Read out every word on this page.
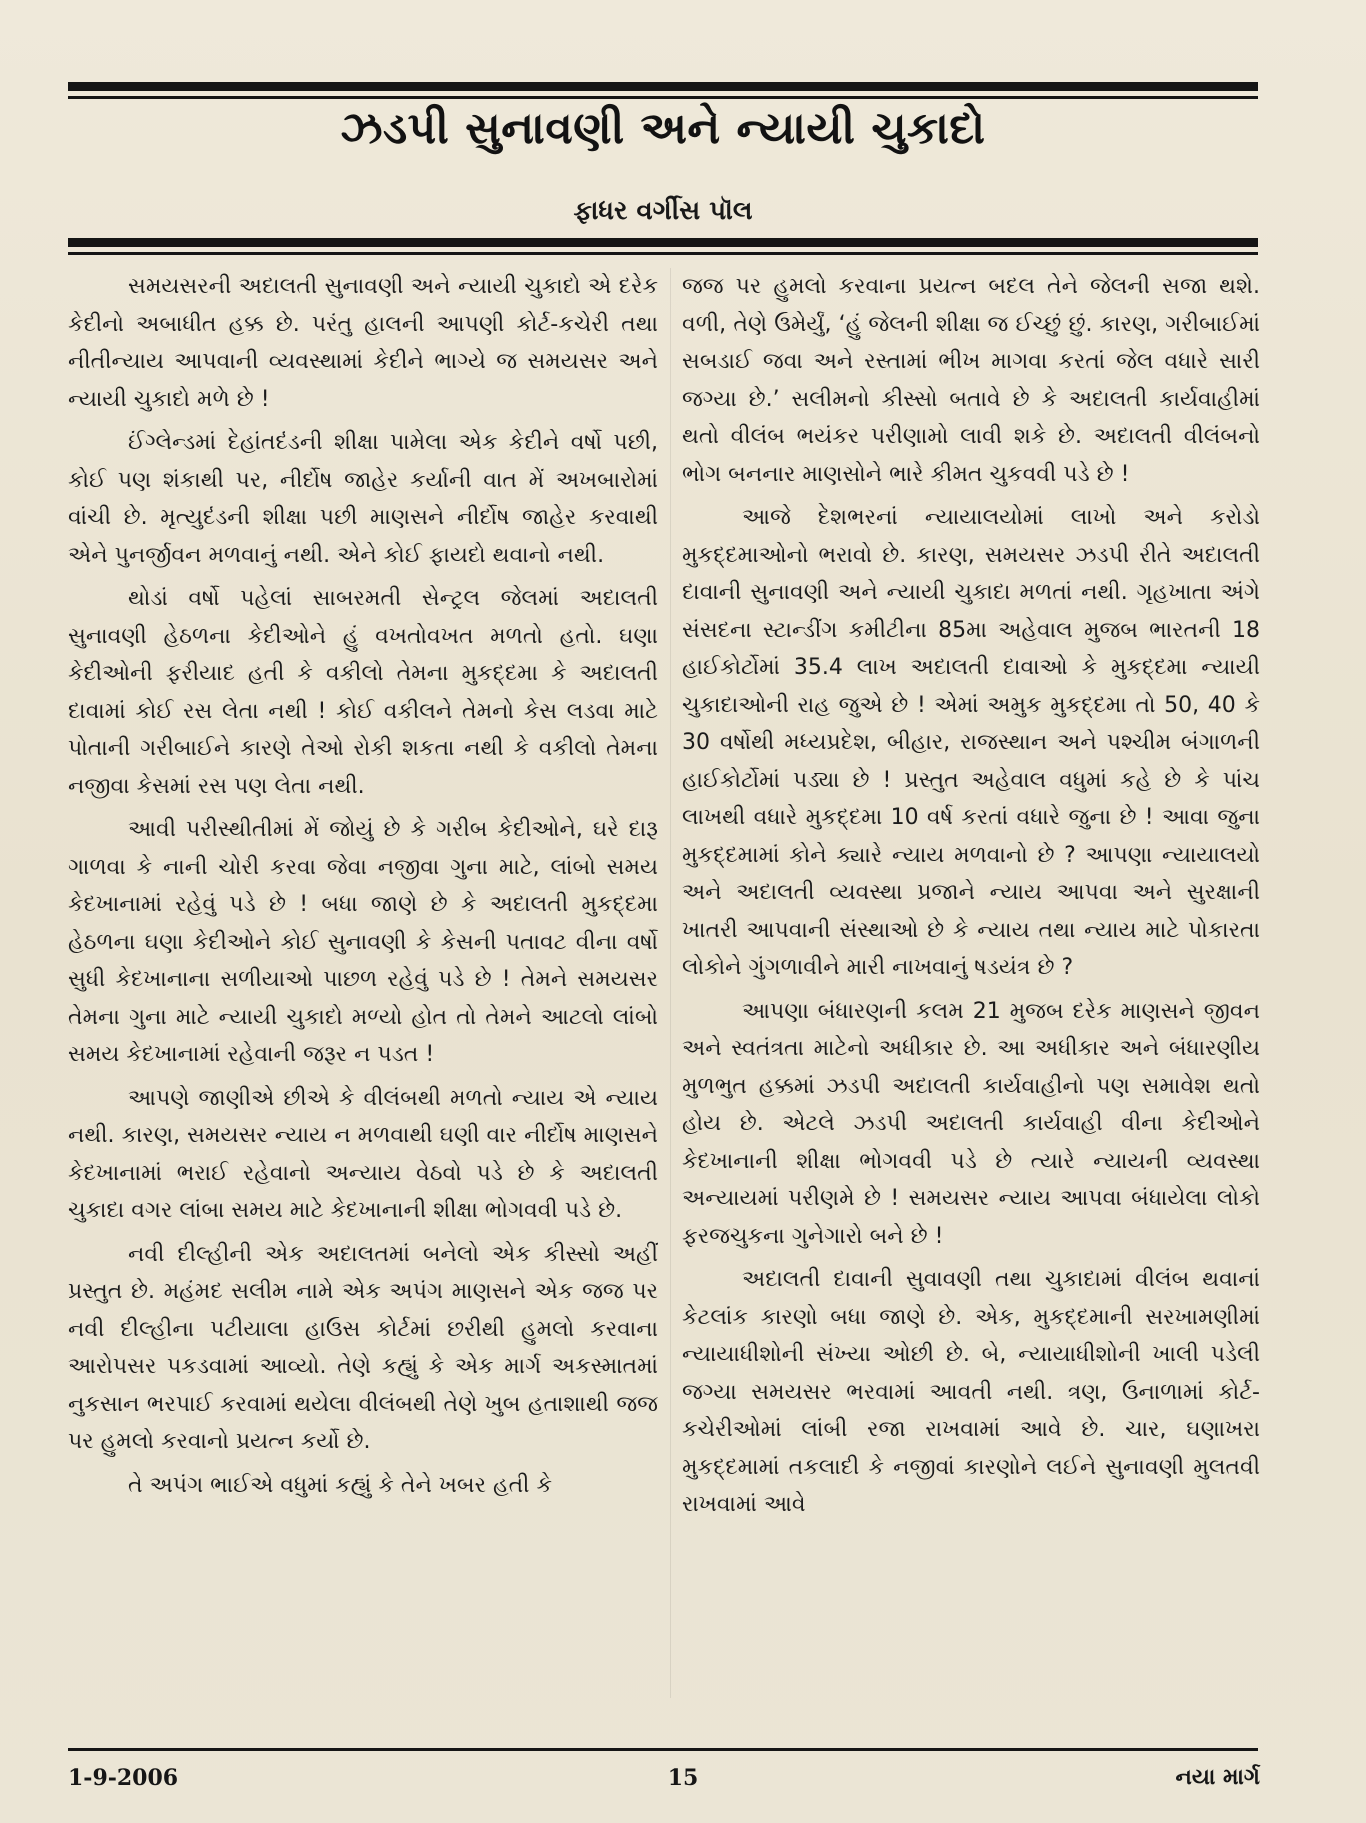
ઝડપી સુનાવણી અને ન્યાયી ચુકાદો
ફાધર વર્ગીસ પૉલ

સમયસરની અદાલતી સુનાવણી અને ન્યાયી ચુકાદો એ દરેક કેદીનો અબાધીત હક્ક છે. પરંતુ હાલની આપણી કોર્ટ-કચેરી તથા નીતીન્યાય આપવાની વ્યવસ્થામાં કેદીને ભાગ્યે જ સમયસર અને ન્યાયી ચુકાદો મળે છે !

ઈંગ્લેન્ડમાં દેહાંતદંડની શીક્ષા પામેલા એક કેદીને વર્ષો પછી, કોઈ પણ શંકાથી પર, નીર્દોષ જાહેર કર્યાની વાત મેં અખબારોમાં વાંચી છે. મૃત્યુદંડની શીક્ષા પછી માણસને નીર્દોષ જાહેર કરવાથી એને પુનર્જીવન મળવાનું નથી. એને કોઈ ફાયદો થવાનો નથી.

થોડાં વર્ષો પહેલાં સાબરમતી સેન્ટ્રલ જેલમાં અદાલતી સુનાવણી હેઠળના કેદીઓને હું વખતોવખત મળતો હતો. ઘણા કેદીઓની ફરીયાદ હતી કે વકીલો તેમના મુકદ્દમા કે અદાલતી દાવામાં કોઈ રસ લેતા નથી ! કોઈ વકીલને તેમનો કેસ લડવા માટે પોતાની ગરીબાઈને કારણે તેઓ રોકી શકતા નથી કે વકીલો તેમના નજીવા કેસમાં રસ પણ લેતા નથી.

આવી પરીસ્થીતીમાં મેં જોયું છે કે ગરીબ કેદીઓને, ઘરે દારૂ ગાળવા કે નાની ચોરી કરવા જેવા નજીવા ગુના માટે, લાંબો સમય કેદખાનામાં રહેવું પડે છે ! બધા જાણે છે કે અદાલતી મુકદ્દમા હેઠળના ઘણા કેદીઓને કોઈ સુનાવણી કે કેસની પતાવટ વીના વર્ષો સુધી કેદખાનાના સળીયાઓ પાછળ રહેવું પડે છે ! તેમને સમયસર તેમના ગુના માટે ન્યાયી ચુકાદો મળ્યો હોત તો તેમને આટલો લાંબો સમય કેદખાનામાં રહેવાની જરૂર ન પડત !

આપણે જાણીએ છીએ કે વીલંબથી મળતો ન્યાય એ ન્યાય નથી. કારણ, સમયસર ન્યાય ન મળવાથી ઘણી વાર નીર્દોષ માણસને કેદખાનામાં ભરાઈ રહેવાનો અન્યાય વેઠવો પડે છે કે અદાલતી ચુકાદા વગર લાંબા સમય માટે કેદખાનાની શીક્ષા ભોગવવી પડે છે.

નવી દીલ્હીની એક અદાલતમાં બનેલો એક કીસ્સો અહીં પ્રસ્તુત છે. મહંમદ સલીમ નામે એક અપંગ માણસને એક જજ પર નવી દીલ્હીના પટીયાલા હાઉસ કોર્ટમાં છરીથી હુમલો કરવાના આરોપસર પકડવામાં આવ્યો. તેણે કહ્યું કે એક માર્ગ અકસ્માતમાં નુકસાન ભરપાઈ કરવામાં થયેલા વીલંબથી તેણે ખુબ હતાશાથી જજ પર હુમલો કરવાનો પ્રયત્ન કર્યો છે.

તે અપંગ ભાઈએ વધુમાં કહ્યું કે તેને ખબર હતી કે

જજ પર હુમલો કરવાના પ્રયત્ન બદલ તેને જેલની સજા થશે. વળી, તેણે ઉમેર્યું, ‘હું જેલની શીક્ષા જ ઈચ્છું છું. કારણ, ગરીબાઈમાં સબડાઈ જવા અને રસ્તામાં ભીખ માગવા કરતાં જેલ વધારે સારી જગ્યા છે.’ સલીમનો કીસ્સો બતાવે છે કે અદાલતી કાર્યવાહીમાં થતો વીલંબ ભયંકર પરીણામો લાવી શકે છે. અદાલતી વીલંબનો ભોગ બનનાર માણસોને ભારે કીમત ચુકવવી પડે છે !

આજે દેશભરનાં ન્યાયાલયોમાં લાખો અને કરોડો મુકદ્દમાઓનો ભરાવો છે. કારણ, સમયસર ઝડપી રીતે અદાલતી દાવાની સુનાવણી અને ન્યાયી ચુકાદા મળતાં નથી. ગૃહખાતા અંગે સંસદના સ્ટાન્ડીંગ કમીટીના 85મા અહેવાલ મુજબ ભારતની 18 હાઈકોર્ટોમાં 35.4 લાખ અદાલતી દાવાઓ કે મુકદ્દમા ન્યાયી ચુકાદાઓની રાહ જુએ છે ! એમાં અમુક મુકદ્દમા તો 50, 40 કે 30 વર્ષોથી મધ્યપ્રદેશ, બીહાર, રાજસ્થાન અને પશ્ચીમ બંગાળની હાઈકોર્ટોમાં પડ્યા છે ! પ્રસ્તુત અહેવાલ વધુમાં કહે છે કે પાંચ લાખથી વધારે મુકદ્દમા 10 વર્ષ કરતાં વધારે જુના છે ! આવા જુના મુકદ્દમામાં કોને ક્યારે ન્યાય મળવાનો છે ? આપણા ન્યાયાલયો અને અદાલતી વ્યવસ્થા પ્રજાને ન્યાય આપવા અને સુરક્ષાની ખાતરી આપવાની સંસ્થાઓ છે કે ન્યાય તથા ન્યાય માટે પોકારતા લોકોને ગુંગળાવીને મારી નાખવાનું ષડયંત્ર છે ?

આપણા બંધારણની કલમ 21 મુજબ દરેક માણસને જીવન અને સ્વતંત્રતા માટેનો અધીકાર છે. આ અધીકાર અને બંધારણીય મુળભુત હક્કમાં ઝડપી અદાલતી કાર્યવાહીનો પણ સમાવેશ થતો હોય છે. એટલે ઝડપી અદાલતી કાર્યવાહી વીના કેદીઓને કેદખાનાની શીક્ષા ભોગવવી પડે છે ત્યારે ન્યાયની વ્યવસ્થા અન્યાયમાં પરીણમે છે ! સમયસર ન્યાય આપવા બંધાયેલા લોકો ફરજચુકના ગુનેગારો બને છે !

અદાલતી દાવાની સુવાવણી તથા ચુકાદામાં વીલંબ થવાનાં કેટલાંક કારણો બધા જાણે છે. એક, મુકદ્દમાની સરખામણીમાં ન્યાયાધીશોની સંખ્યા ઓછી છે. બે, ન્યાયાધીશોની ખાલી પડેલી જગ્યા સમયસર ભરવામાં આવતી નથી. ત્રણ, ઉનાળામાં કોર્ટ-કચેરીઓમાં લાંબી રજા રાખવામાં આવે છે. ચાર, ઘણાખરા મુકદ્દમામાં તકલાદી કે નજીવાં કારણોને લઈને સુનાવણી મુલતવી રાખવામાં આવે

1-9-2006	15	નયા માર્ગ
